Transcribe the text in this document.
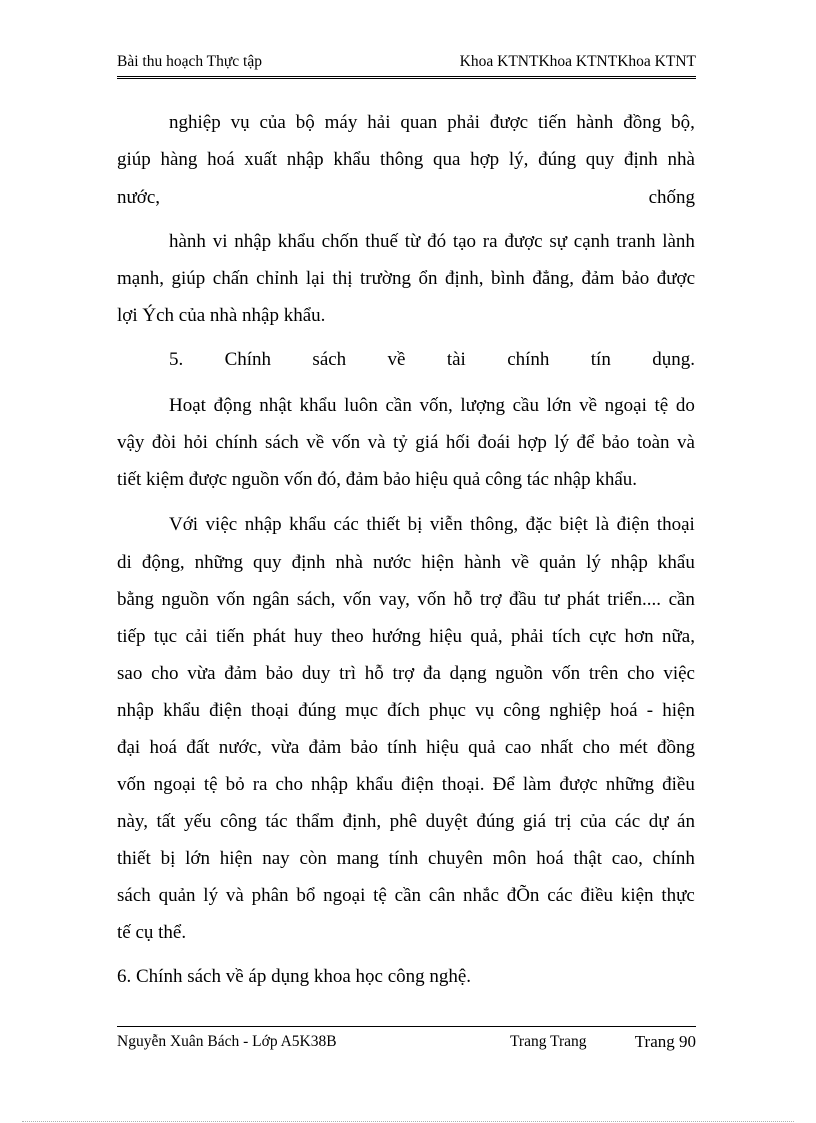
Bài thu hoạch Thực tập	Khoa KTNTKhoa KTNTKhoa KTNT
nghiệp vụ của bộ máy hải quan phải được tiến hành đồng bộ,
giúp hàng hoá xuất nhập khẩu thông qua hợp lý, đúng quy định nhà
nước,	chống
hành vi nhập khẩu chốn thuế từ đó tạo ra được sự cạnh tranh lành
mạnh, giúp chấn chỉnh lại thị trường ổn định, bình đẳng, đảm bảo được
lợi Ých của nhà nhập khẩu.
5. Chính sách về tài chính tín dụng.
Hoạt động nhật khẩu luôn cần vốn, lượng cầu lớn về ngoại tệ do
vậy đòi hỏi chính sách về vốn và tỷ giá hối đoái hợp lý để bảo toàn và
tiết kiệm được nguồn vốn đó, đảm bảo hiệu quả công tác nhập khẩu.
Với việc nhập khẩu các thiết bị viễn thông, đặc biệt là điện thoại
di động, những quy định nhà nước hiện hành về quản lý nhập khẩu
bằng nguồn vốn ngân sách, vốn vay, vốn hỗ trợ đầu tư phát triển.... cần
tiếp tục cải tiến phát huy theo hướng hiệu quả, phải tích cực hơn nữa,
sao cho vừa đảm bảo duy trì hỗ trợ đa dạng nguồn vốn trên cho việc
nhập khẩu điện thoại đúng mục đích phục vụ công nghiệp hoá - hiện
đại hoá đất nước, vừa đảm bảo tính hiệu quả cao nhất cho mét đồng
vốn ngoại tệ bỏ ra cho nhập khẩu điện thoại. Để làm được những điều
này, tất yếu công tác thẩm định, phê duyệt đúng giá trị của các dự án
thiết bị lớn hiện nay còn mang tính chuyên môn hoá thật cao, chính
sách quản lý và phân bổ ngoại tệ cần cân nhắc đÕn các điều kiện thực
tế cụ thể.
6. Chính sách về áp dụng khoa học công nghệ.
Nguyễn Xuân Bách - Lớp A5K38B	Trang Trang	Trang 90
